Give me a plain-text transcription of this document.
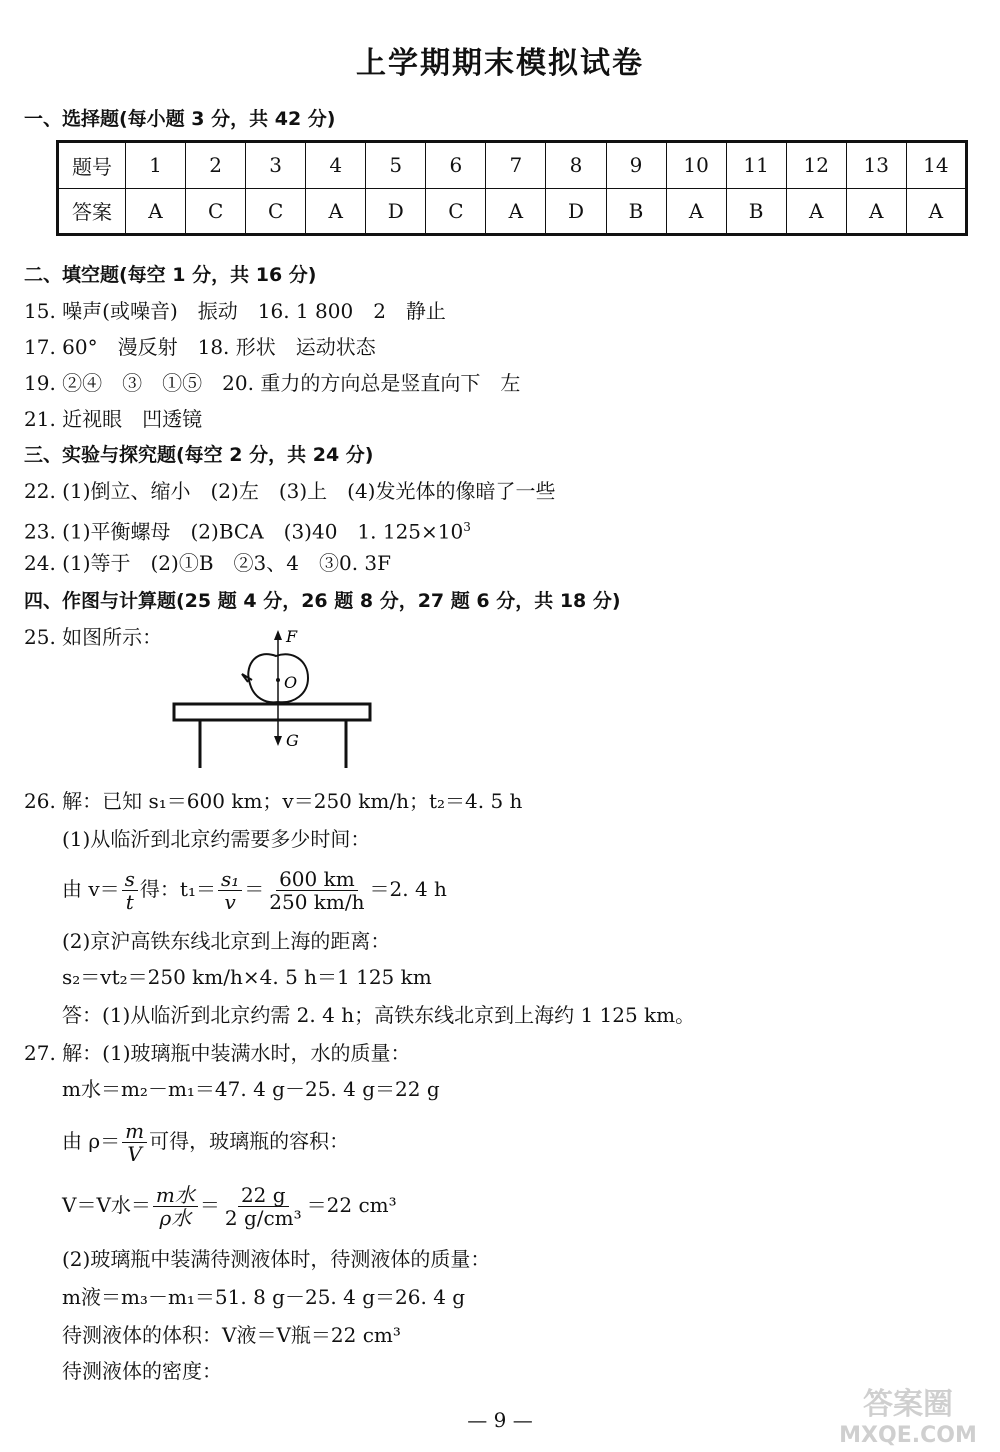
上学期期末模拟试卷
一、选择题(每小题 3 分，共 42 分)
题号	1	2	3	4	5	6	7	8	9	10	11	12	13	14
答案	A	C	C	A	D	C	A	D	B	A	B	A	A	A
二、填空题(每空 1 分，共 16 分)
15. 噪声(或噪音)　振动　16. 1 800　2　静止
17. 60°　漫反射　18. 形状　运动状态
19. ②④　③　①⑤　20. 重力的方向总是竖直向下　左
21. 近视眼　凹透镜
三、实验与探究题(每空 2 分，共 24 分)
22. (1)倒立、缩小　(2)左　(3)上　(4)发光体的像暗了一些
23. (1)平衡螺母　(2)BCA　(3)40　1. $125\times 10^3$
24. (1)等于　(2)①B　②3、4　③0. 3F
四、作图与计算题(25 题 4 分，26 题 8 分，27 题 6 分，共 18 分)
25. 如图所示：	F
O
G
26. 解：已知 s₁＝600 km；v＝250 km/h；t₂＝4. 5 h
(1)从临沂到北京约需要多少时间：
由 $v= \frac{s}{t}$ 得：$t_1= \frac{\text{s₁}}{v} = \frac{600 km}{250 km/h} =2$. 4 h
(2)京沪高铁东线北京到上海的距离：
s₂＝vt₂＝250 km/h×4. 5 h＝1 125 km
答：(1)从临沂到北京约需 2. 4 h；高铁东线北京到上海约 1 125 km。
27. 解：(1)玻璃瓶中装满水时，水的质量：
m水＝m₂－m₁＝47. 4 g－25. 4 g＝22 g
由 $\rho= \frac{m}{V}$ 可得，玻璃瓶的容积：
V＝V水＝ $\frac{\text{m水}}{\text{ρ水}} = \frac{22 g}{\text{2 g/cm³}} =22$ cm³
(2)玻璃瓶中装满待测液体时，待测液体的质量：
m液＝m₃－m₁＝51. 8 g－25. 4 g＝26. 4 g
待测液体的体积：V液＝V瓶＝22 cm³
待测液体的密度：
— 9 —	答案圈
MXQE.COM
